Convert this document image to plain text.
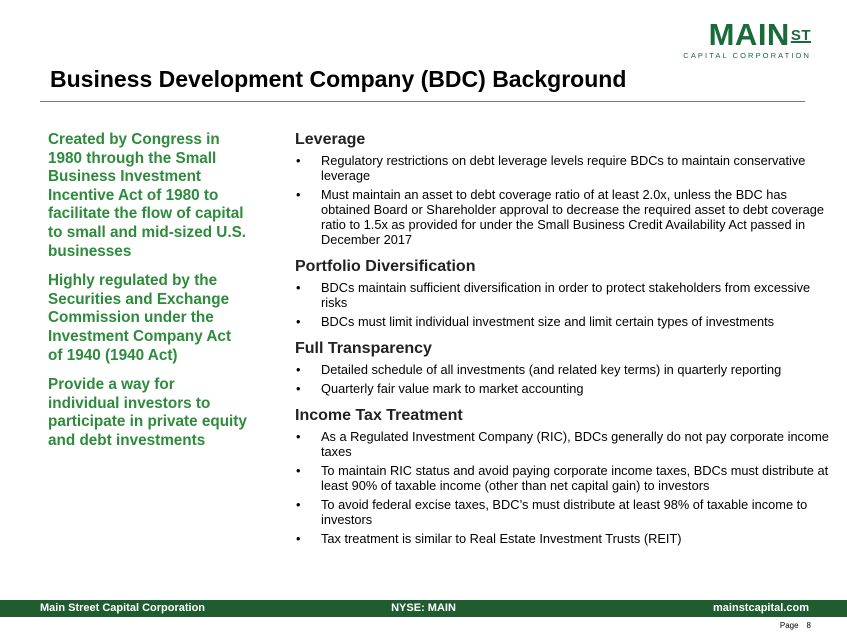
$MAIN^{ST}$
CAPITAL CORPORATION
Business Development Company (BDC) Background

Created by Congress in 1980 through the Small Business Investment Incentive Act of 1980 to facilitate the flow of capital to small and mid-sized U.S. businesses

Highly regulated by the Securities and Exchange Commission under the Investment Company Act of 1940 (1940 Act)

Provide a way for individual investors to participate in private equity and debt investments

Leverage
• Regulatory restrictions on debt leverage levels require BDCs to maintain conservative leverage
• Must maintain an asset to debt coverage ratio of at least 2.0x, unless the BDC has obtained Board or Shareholder approval to decrease the required asset to debt coverage ratio to 1.5x as provided for under the Small Business Credit Availability Act passed in December 2017
Portfolio Diversification
• BDCs maintain sufficient diversification in order to protect stakeholders from excessive risks
• BDCs must limit individual investment size and limit certain types of investments
Full Transparency
• Detailed schedule of all investments (and related key terms) in quarterly reporting
• Quarterly fair value mark to market accounting
Income Tax Treatment
• As a Regulated Investment Company (RIC), BDCs generally do not pay corporate income taxes
• To maintain RIC status and avoid paying corporate income taxes, BDCs must distribute at least 90% of taxable income (other than net capital gain) to investors
• To avoid federal excise taxes, BDC’s must distribute at least 98% of taxable income to investors
• Tax treatment is similar to Real Estate Investment Trusts (REIT)
Main Street Capital Corporation	NYSE: MAIN	mainstcapital.com
Page 8
